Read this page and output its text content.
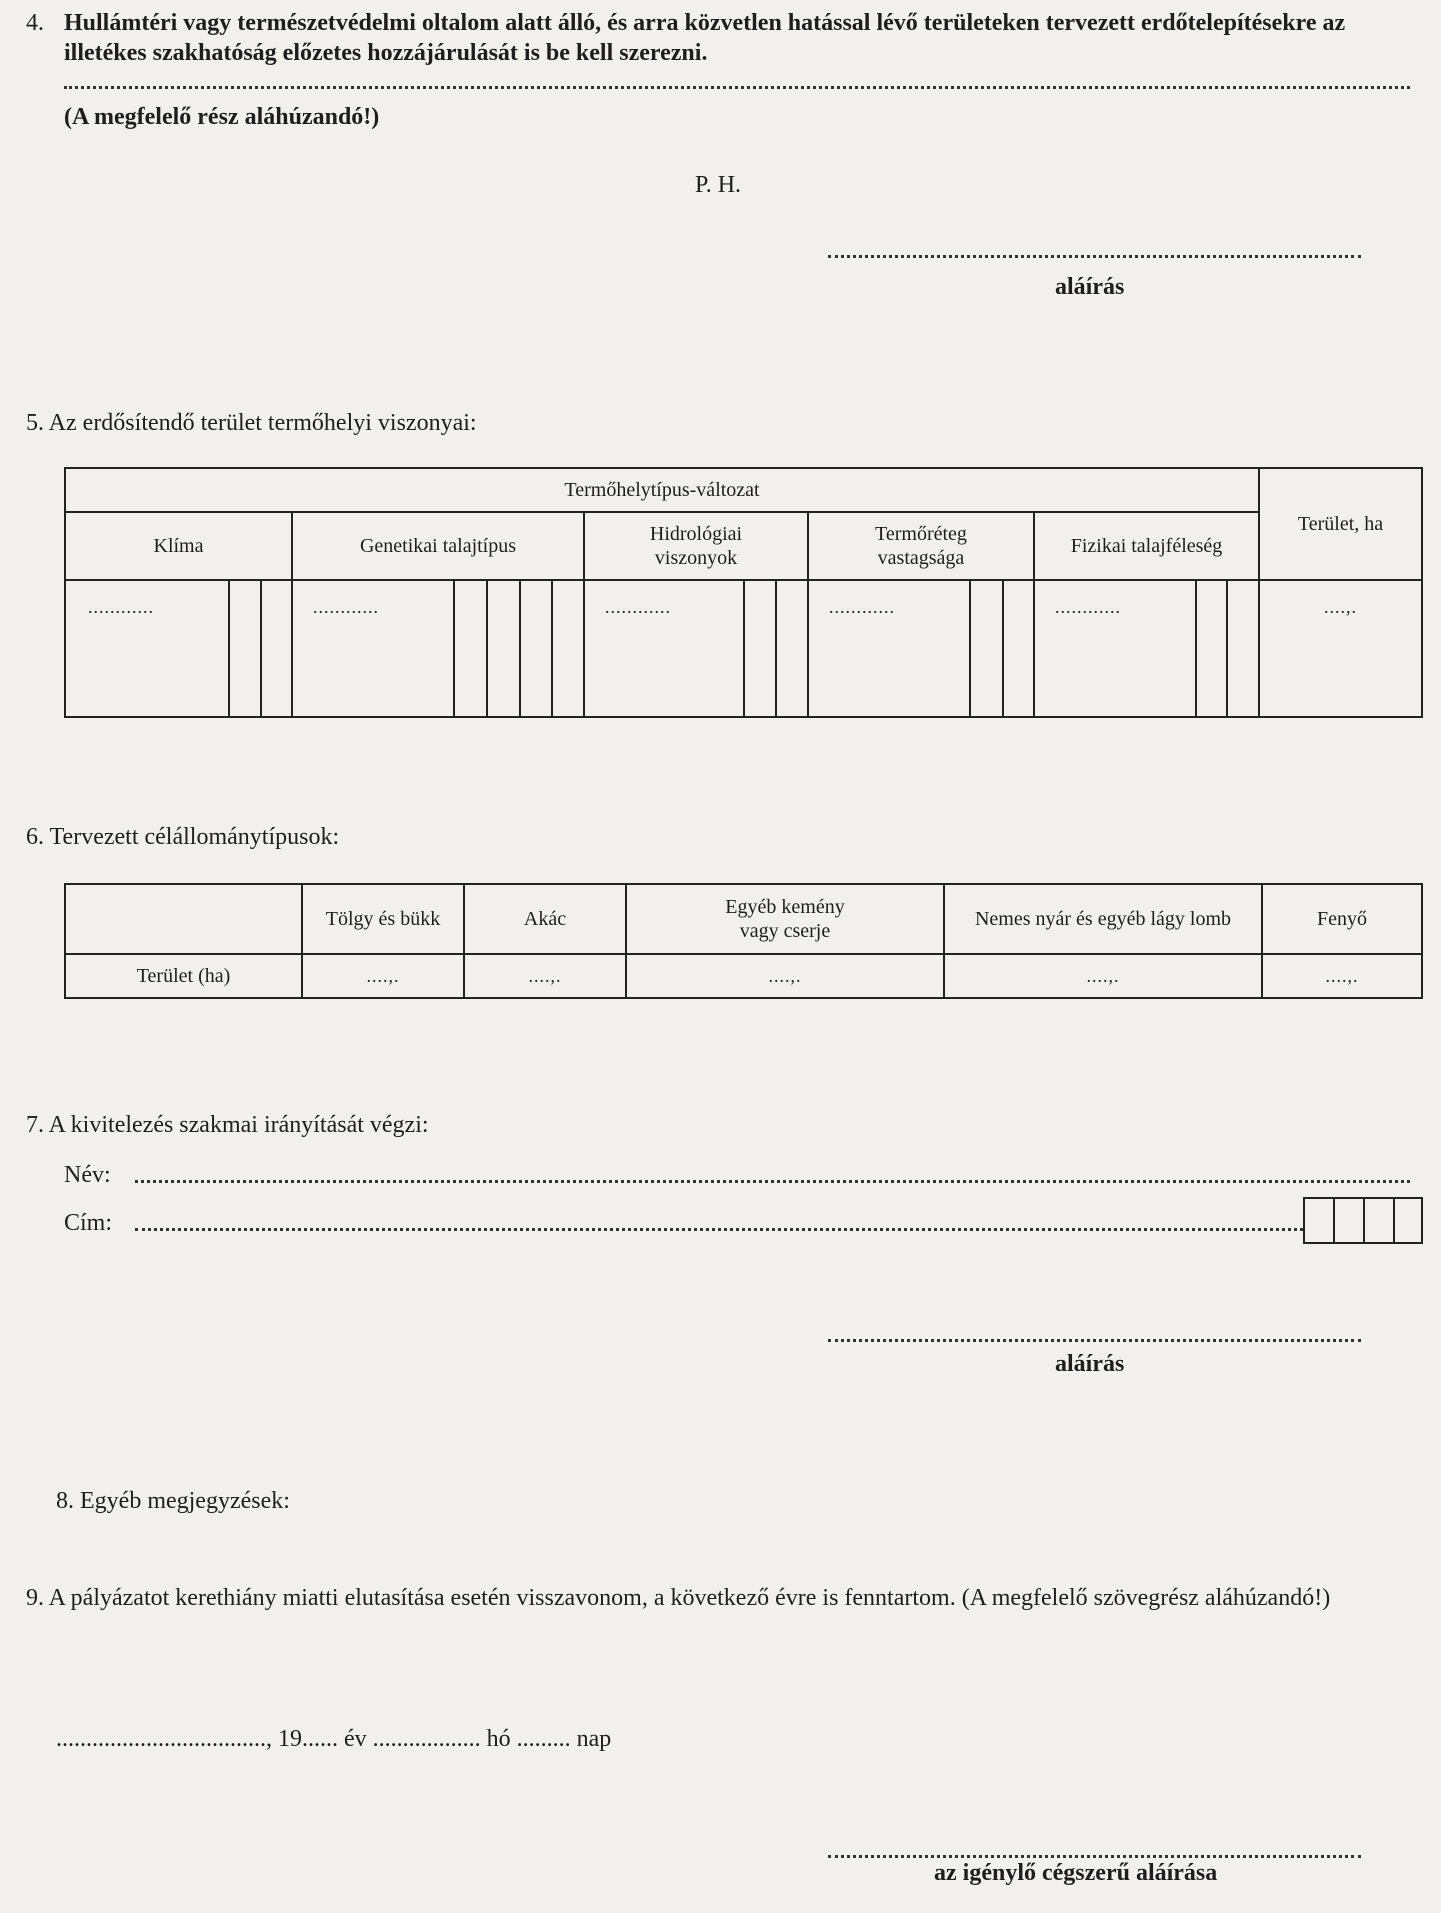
4. Hullámtéri vagy természetvédelmi oltalom alatt álló, és arra közvetlen hatással lévő területeken tervezett erdőtelepítésekre az illetékes szakhatóság előzetes hozzájárulását is be kell szerezni.
(A megfelelő rész aláhúzandó!)
P. H.
aláírás
5. Az erdősítendő terület termőhelyi viszonyai:
Termőhelytípus-változat					Terület, ha
Klíma	Genetikai talajtípus	Hidrológiai viszonyok	Termőréteg vastagsága	Fizikai talajféleség	

............	............	............	............	............	....,.
6. Tervezett célállománytípusok:
	Tölgy és bükk	Akác	Egyéb kemény vagy cserje	Nemes nyár és egyéb lágy lomb	Fenyő
Terület (ha)	....,.	....,.	....,.	....,.	....,.
7. A kivitelezés szakmai irányítását végzi:
Név:
Cím:
aláírás
8. Egyéb megjegyzések:
9. A pályázatot kerethiány miatti elutasítása esetén visszavonom, a következő évre is fenntartom. (A megfelelő szövegrész aláhúzandó!)
..................................., 19...... év .................. hó ......... nap
az igénylő cégszerű aláírása
